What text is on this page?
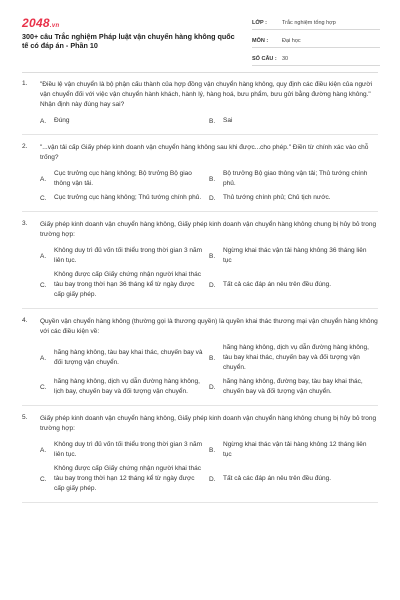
2048.vn
300+ câu Trắc nghiệm Pháp luật vận chuyển hàng không quốc tế có đáp án - Phần 10
LỚP :	Trắc nghiệm tổng hợp
MÔN :	Đại học
SỐ CÂU : 30
1. "Điều lệ vận chuyển là bộ phận cấu thành của hợp đồng vận chuyển hàng không, quy định các điều kiện của người vận chuyển đối với việc vận chuyển hành khách, hành lý, hàng hoá, bưu phẩm, bưu gửi bằng đường hàng không." Nhận định này đúng hay sai?
A.	Đúng	B.	Sai
2. "...vận tải cấp Giấy phép kinh doanh vận chuyển hàng không sau khi được...cho phép." Điền từ chính xác vào chỗ trống?
A.
Cục trưởng cục hàng không; Bộ trưởng Bộ giao thông vận tải.
B.
Bộ trưởng Bộ giao thông vận tải; Thủ tướng chính phủ.
C.	Cục trưởng cục hàng không; Thủ tướng chính phủ. D.	Thủ tướng chính phủ; Chủ tịch nước.
3. Giấy phép kinh doanh vận chuyển hàng không, Giấy phép kinh doanh vận chuyển hàng không chung bị hủy bỏ trong trường hợp:
A.
Không duy trì đủ vốn tối thiểu trong thời gian 3 năm liên tục.
B.
Ngừng khai thác vận tải hàng không 36 tháng liên tục
C.
Không được cấp Giấy chứng nhận người khai thác tàu bay trong thời hạn 36 tháng kể từ ngày được cấp giấy phép.
D.	Tất cả các đáp án nêu trên đều đúng.
4. Quyền vận chuyển hàng không (thường gọi là thương quyền) là quyền khai thác thương mại vận chuyển hàng không với các điều kiện về:
A.
hãng hàng không, tàu bay khai thác, chuyến bay và đối tượng vận chuyển.
B.
hãng hàng không, dịch vụ dẫn đường hàng không, tàu bay khai thác, chuyến bay và đối tượng vận chuyển.
C.
hãng hàng không, dịch vụ dẫn đường hàng không, lịch bay, chuyến bay và đối tượng vận chuyển.
D.
hãng hàng không, đường bay, tàu bay khai thác, chuyến bay và đối tượng vận chuyển.
5. Giấy phép kinh doanh vận chuyển hàng không, Giấy phép kinh doanh vận chuyển hàng không chung bị hủy bỏ trong trường hợp:
A.
Không duy trì đủ vốn tối thiểu trong thời gian 3 năm liên tục.
B.
Ngừng khai thác vận tải hàng không 12 tháng liên tục
C.
Không được cấp Giấy chứng nhận người khai thác tàu bay trong thời hạn 12 tháng kể từ ngày được cấp giấy phép.
D.	Tất cả các đáp án nêu trên đều đúng.
